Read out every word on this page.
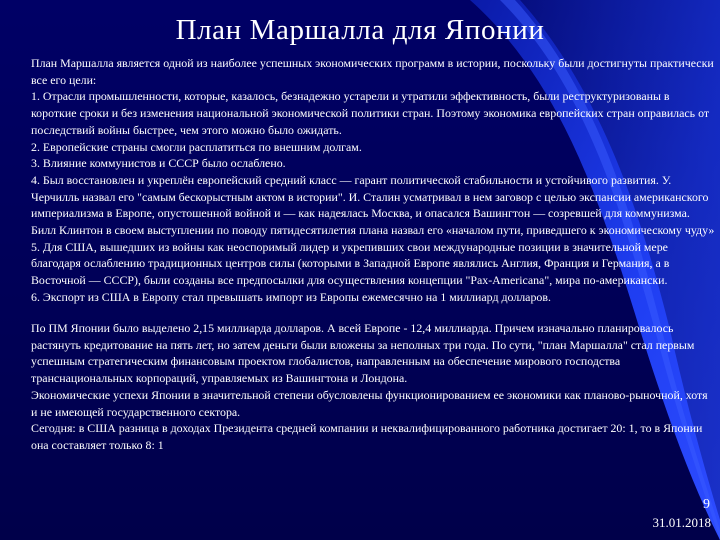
План Маршалла для Японии

План Маршалла является одной из наиболее успешных экономических программ в истории, поскольку были достигнуты практически все его цели:

1. Отрасли промышленности, которые, казалось, безнадежно устарели и утратили эффективность, были реструктуризованы в короткие сроки и без изменения национальной экономической политики стран. Поэтому экономика европейских стран оправилась от последствий войны быстрее, чем этого можно было ожидать.

2. Европейские страны смогли расплатиться по внешним долгам.

3. Влияние коммунистов и СССР было ослаблено.

4. Был восстановлен и укреплён европейский средний класс — гарант политической стабильности и устойчивого развития. У. Черчилль назвал его "самым бескорыстным актом в истории". И. Сталин усматривал в нем заговор с целью экспансии американского империализма в Европе, опустошенной войной и — как надеялась Москва, и опасался Вашингтон — созревшей для коммунизма. Билл Клинтон в своем выступлении по поводу пятидесятилетия плана назвал его «началом пути, приведшего к экономическому чуду»

5. Для США, вышедших из войны как неоспоримый лидер и укрепивших свои международные позиции в значительной мере благодаря ослаблению традиционных центров силы (которыми в Западной Европе являлись Англия, Франция и Германия, а в Восточной — СССР), были созданы все предпосылки для осуществления концепции "Pax-Americana", мира по-американски.

6. Экспорт из США в Европу стал превышать импорт из Европы ежемесячно на 1 миллиард долларов.

По ПМ Японии было выделено 2,15 миллиарда долларов. А всей Европе - 12,4 миллиарда. Причем изначально планировалось растянуть кредитование на пять лет, но затем деньги были вложены за неполных три года. По сути, "план Маршалла" стал первым успешным стратегическим финансовым проектом глобалистов, направленным на обеспечение мирового господства транснациональных корпораций, управляемых из Вашингтона и Лондона.

Экономические успехи Японии в значительной степени обусловлены функционированием ее экономики как планово-рыночной, хотя и не имеющей государственного сектора.

Сегодня: в США разница в доходах Президента средней компании и неквалифицированного работника достигает 20: 1, то в Японии она составляет только 8: 1

9
31.01.2018
